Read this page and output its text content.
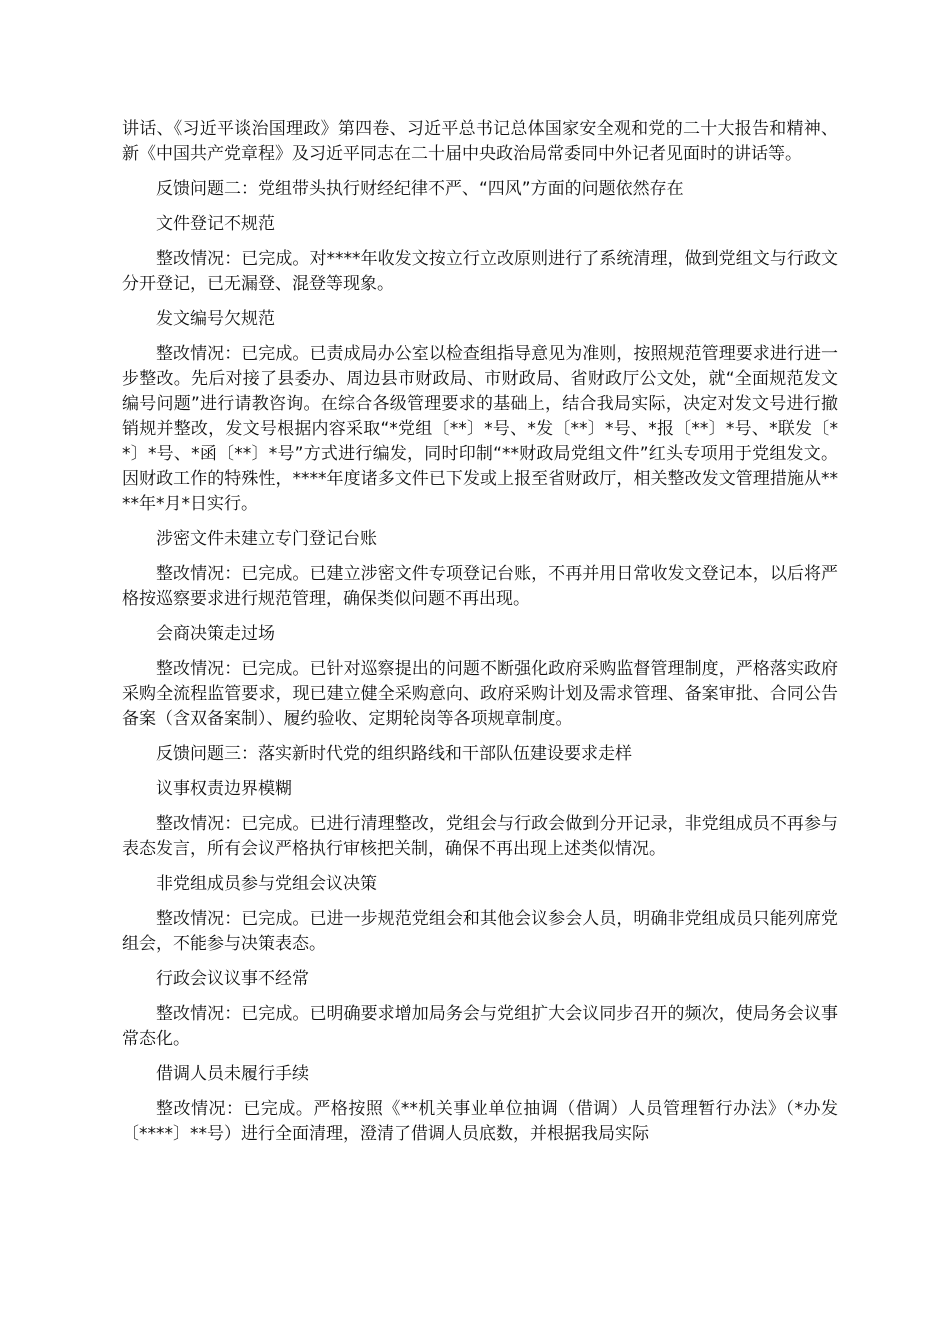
讲话、《习近平谈治国理政》第四卷、习近平总书记总体国家安全观和党的二十大报告和精神、新《中国共产党章程》及习近平同志在二十届中央政治局常委同中外记者见面时的讲话等。

反馈问题二：党组带头执行财经纪律不严、“四风”方面的问题依然存在

文件登记不规范

整改情况：已完成。对****年收发文按立行立改原则进行了系统清理，做到党组文与行政文分开登记，已无漏登、混登等现象。

发文编号欠规范

整改情况：已完成。已责成局办公室以检查组指导意见为准则，按照规范管理要求进行进一步整改。先后对接了县委办、周边县市财政局、市财政局、省财政厅公文处，就“全面规范发文编号问题”进行请教咨询。在综合各级管理要求的基础上，结合我局实际，决定对发文号进行撤销规并整改，发文号根据内容采取“*党组〔**〕*号、*发〔**〕*号、*报〔**〕*号、*联发〔**〕*号、*函〔**〕*号”方式进行编发，同时印制“**财政局党组文件”红头专项用于党组发文。因财政工作的特殊性，****年度诸多文件已下发或上报至省财政厅，相关整改发文管理措施从****年*月*日实行。

涉密文件未建立专门登记台账

整改情况：已完成。已建立涉密文件专项登记台账，不再并用日常收发文登记本，以后将严格按巡察要求进行规范管理，确保类似问题不再出现。

会商决策走过场

整改情况：已完成。已针对巡察提出的问题不断强化政府采购监督管理制度，严格落实政府采购全流程监管要求，现已建立健全采购意向、政府采购计划及需求管理、备案审批、合同公告备案（含双备案制）、履约验收、定期轮岗等各项规章制度。

反馈问题三：落实新时代党的组织路线和干部队伍建设要求走样

议事权责边界模糊

整改情况：已完成。已进行清理整改，党组会与行政会做到分开记录，非党组成员不再参与表态发言，所有会议严格执行审核把关制，确保不再出现上述类似情况。

非党组成员参与党组会议决策

整改情况：已完成。已进一步规范党组会和其他会议参会人员，明确非党组成员只能列席党组会，不能参与决策表态。

行政会议议事不经常

整改情况：已完成。已明确要求增加局务会与党组扩大会议同步召开的频次，使局务会议事常态化。

借调人员未履行手续

整改情况：已完成。严格按照《**机关事业单位抽调（借调）人员管理暂行办法》（*办发〔****〕**号）进行全面清理，澄清了借调人员底数，并根据我局实际
